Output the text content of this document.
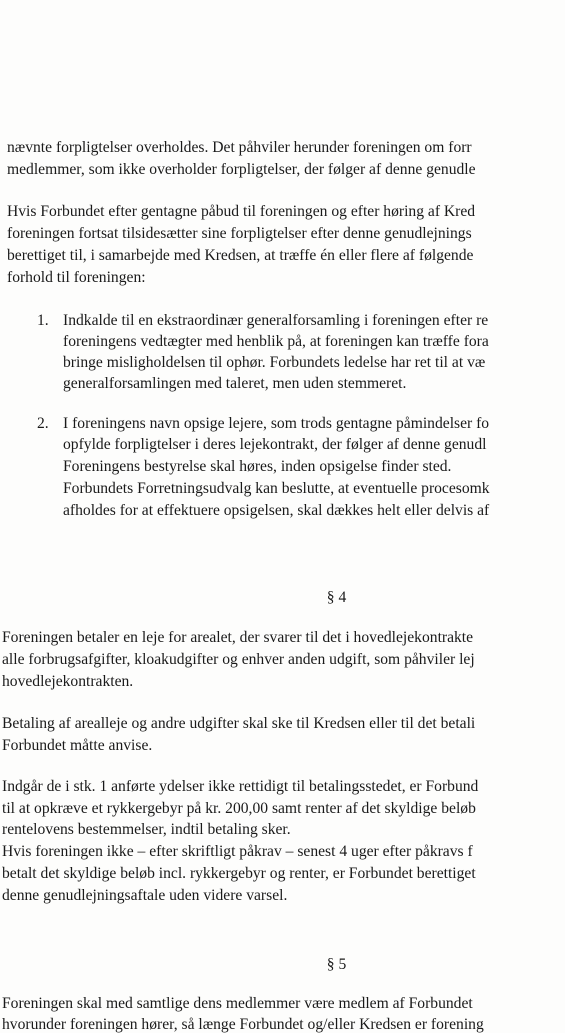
nævnte forpligtelser overholdes. Det påhviler herunder foreningen om forr
medlemmer, som ikke overholder forpligtelser, der følger af denne genudle
Hvis Forbundet efter gentagne påbud til foreningen og efter høring af Kred
foreningen fortsat tilsidesætter sine forpligtelser efter denne genudlejnings
berettiget til, i samarbejde med Kredsen, at træffe én eller flere af følgende
forhold til foreningen:
1. Indkalde til en ekstraordinær generalforsamling i foreningen efter re
foreningens vedtægter med henblik på, at foreningen kan træffe fora
bringe misligholdelsen til ophør. Forbundets ledelse har ret til at væ
generalforsamlingen med taleret, men uden stemmeret.
2. I foreningens navn opsige lejere, som trods gentagne påmindelser fo
opfylde forpligtelser i deres lejekontrakt, der følger af denne genudl
Foreningens bestyrelse skal høres, inden opsigelse finder sted.
Forbundets Forretningsudvalg kan beslutte, at eventuelle procesomk
afholdes for at effektuere opsigelsen, skal dækkes helt eller delvis af
§ 4
Foreningen betaler en leje for arealet, der svarer til det i hovedlejekontrakte
alle forbrugsafgifter, kloakudgifter og enhver anden udgift, som påhviler lej
hovedlejekontrakten.
Betaling af arealleje og andre udgifter skal ske til Kredsen eller til det betali
Forbundet måtte anvise.
Indgår de i stk. 1 anførte ydelser ikke rettidigt til betalingsstedet, er Forbund
til at opkræve et rykkergebyr på kr. 200,00 samt renter af det skyldige beløb
rentelovens bestemmelser, indtil betaling sker.
Hvis foreningen ikke – efter skriftligt påkrav – senest 4 uger efter påkravs f
betalt det skyldige beløb incl. rykkergebyr og renter, er Forbundet berettiget
denne genudlejningsaftale uden videre varsel.
§ 5
Foreningen skal med samtlige dens medlemmer være medlem af Forbundet
hvorunder foreningen hører, så længe Forbundet og/eller Kredsen er forening
